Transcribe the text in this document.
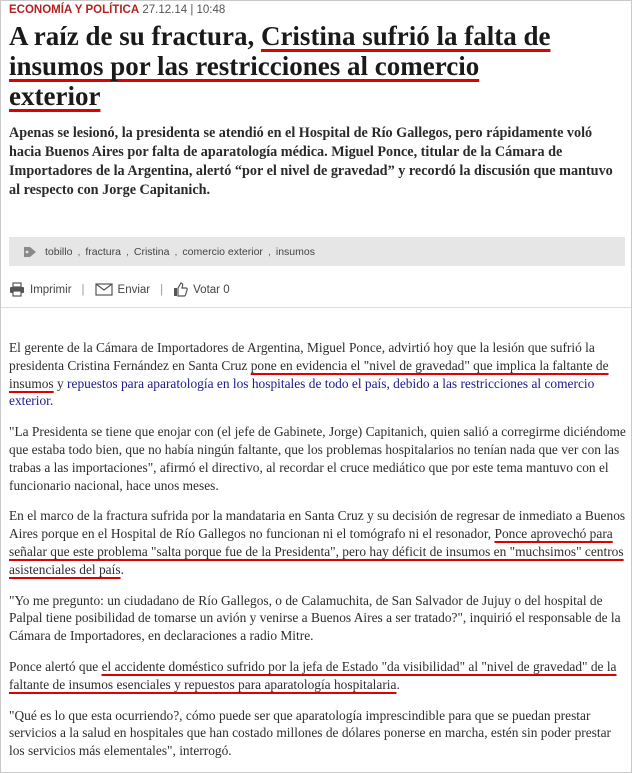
ECONOMÍA Y POLÍTICA 27.12.14 | 10:48
A raíz de su fractura, Cristina sufrió la falta de
insumos por las restricciones al comercio
exterior

Apenas se lesionó, la presidenta se atendió en el Hospital de Río Gallegos, pero rápidamente voló hacia Buenos Aires por falta de aparatología médica. Miguel Ponce, titular de la Cámara de Importadores de la Argentina, alertó “por el nivel de gravedad” y recordó la discusión que mantuvo al respecto con Jorge Capitanich.

tobillo , fractura , Cristina , comercio exterior , insumos
Imprimir |	Enviar |	Votar 0

El gerente de la Cámara de Importadores de Argentina, Miguel Ponce, advirtió hoy que la lesión que sufrió la presidenta Cristina Fernández en Santa Cruz pone en evidencia el "nivel de gravedad" que implica la faltante de insumos y repuestos para aparatología en los hospitales de todo el país, debido a las restricciones al comercio exterior.

"La Presidenta se tiene que enojar con (el jefe de Gabinete, Jorge) Capitanich, quien salió a corregirme diciéndome que estaba todo bien, que no había ningún faltante, que los problemas hospitalarios no tenían nada que ver con las trabas a las importaciones", afirmó el directivo, al recordar el cruce mediático que por este tema mantuvo con el funcionario nacional, hace unos meses.

En el marco de la fractura sufrida por la mandataria en Santa Cruz y su decisión de regresar de inmediato a Buenos Aires porque en el Hospital de Río Gallegos no funcionan ni el tomógrafo ni el resonador, Ponce aprovechó para señalar que este problema "salta porque fue de la Presidenta", pero hay déficit de insumos en "muchsimos" centros asistenciales del país.

"Yo me pregunto: un ciudadano de Río Gallegos, o de Calamuchita, de San Salvador de Jujuy o del hospital de Palpal tiene posibilidad de tomarse un avión y venirse a Buenos Aires a ser tratado?", inquirió el responsable de la Cámara de Importadores, en declaraciones a radio Mitre.

Ponce alertó que el accidente doméstico sufrido por la jefa de Estado "da visibilidad" al "nivel de gravedad" de la faltante de insumos esenciales y repuestos para aparatología hospitalaria.

"Qué es lo que esta ocurriendo?, cómo puede ser que aparatología imprescindible para que se puedan prestar servicios a la salud en hospitales que han costado millones de dólares ponerse en marcha, estén sin poder prestar los servicios más elementales", interrogó.
